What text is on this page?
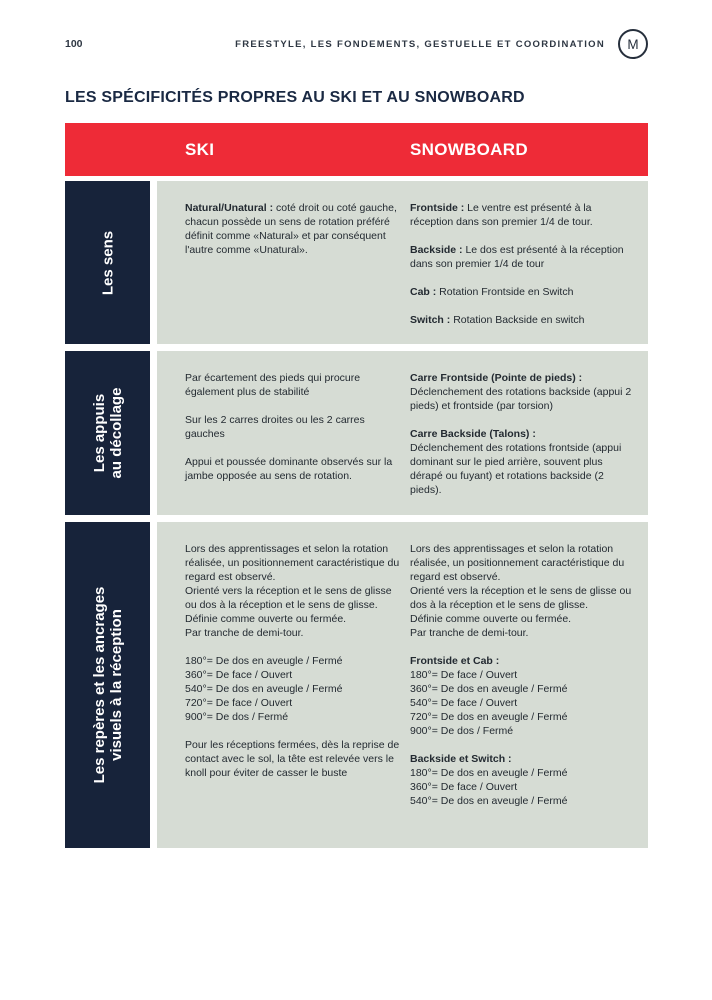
100	FREESTYLE, LES FONDEMENTS, GESTUELLE ET COORDINATION M
LES SPÉCIFICITÉS PROPRES AU SKI ET AU SNOWBOARD
SKI	SNOWBOARD
Les sens

Natural/Unatural : coté droit ou coté gauche, chacun possède un sens de rotation préféré définit comme «Natural» et par conséquent l'autre comme «Unatural».

Frontside : Le ventre est présenté à la réception dans son premier 1/4 de tour.

Backside : Le dos est présenté à la réception dans son premier 1/4 de tour

Cab : Rotation Frontside en Switch

Switch : Rotation Backside en switch

Les appuis au décollage

Par écartement des pieds qui procure également plus de stabilité

Sur les 2 carres droites ou les 2 carres gauches

Appui et poussée dominante observés sur la jambe opposée au sens de rotation.

Carre Frontside (Pointe de pieds) :
Déclenchement des rotations backside (appui 2 pieds) et frontside (par torsion)

Carre Backside (Talons) :
Déclenchement des rotations frontside (appui dominant sur le pied arrière, souvent plus dérapé ou fuyant) et rotations backside (2 pieds).

Les repères et les ancrages visuels à la réception

Lors des apprentissages et selon la rotation réalisée, un positionnement caractéristique du regard est observé.
Orienté vers la réception et le sens de glisse ou dos à la réception et le sens de glisse.
Définie comme ouverte ou fermée.
Par tranche de demi-tour.

180°= De dos en aveugle / Fermé
360°= De face / Ouvert
540°= De dos en aveugle / Fermé
720°= De face / Ouvert
900°= De dos / Fermé

Pour les réceptions fermées, dès la reprise de contact avec le sol, la tête est relevée vers le knoll pour éviter de casser le buste

Lors des apprentissages et selon la rotation réalisée, un positionnement caractéristique du regard est observé.
Orienté vers la réception et le sens de glisse ou dos à la réception et le sens de glisse.
Définie comme ouverte ou fermée.
Par tranche de demi-tour.

Frontside et Cab :
180°= De face / Ouvert
360°= De dos en aveugle / Fermé
540°= De face / Ouvert
720°= De dos en aveugle / Fermé
900°= De dos / Fermé

Backside et Switch :
180°= De dos en aveugle / Fermé
360°= De face / Ouvert
540°= De dos en aveugle / Fermé
